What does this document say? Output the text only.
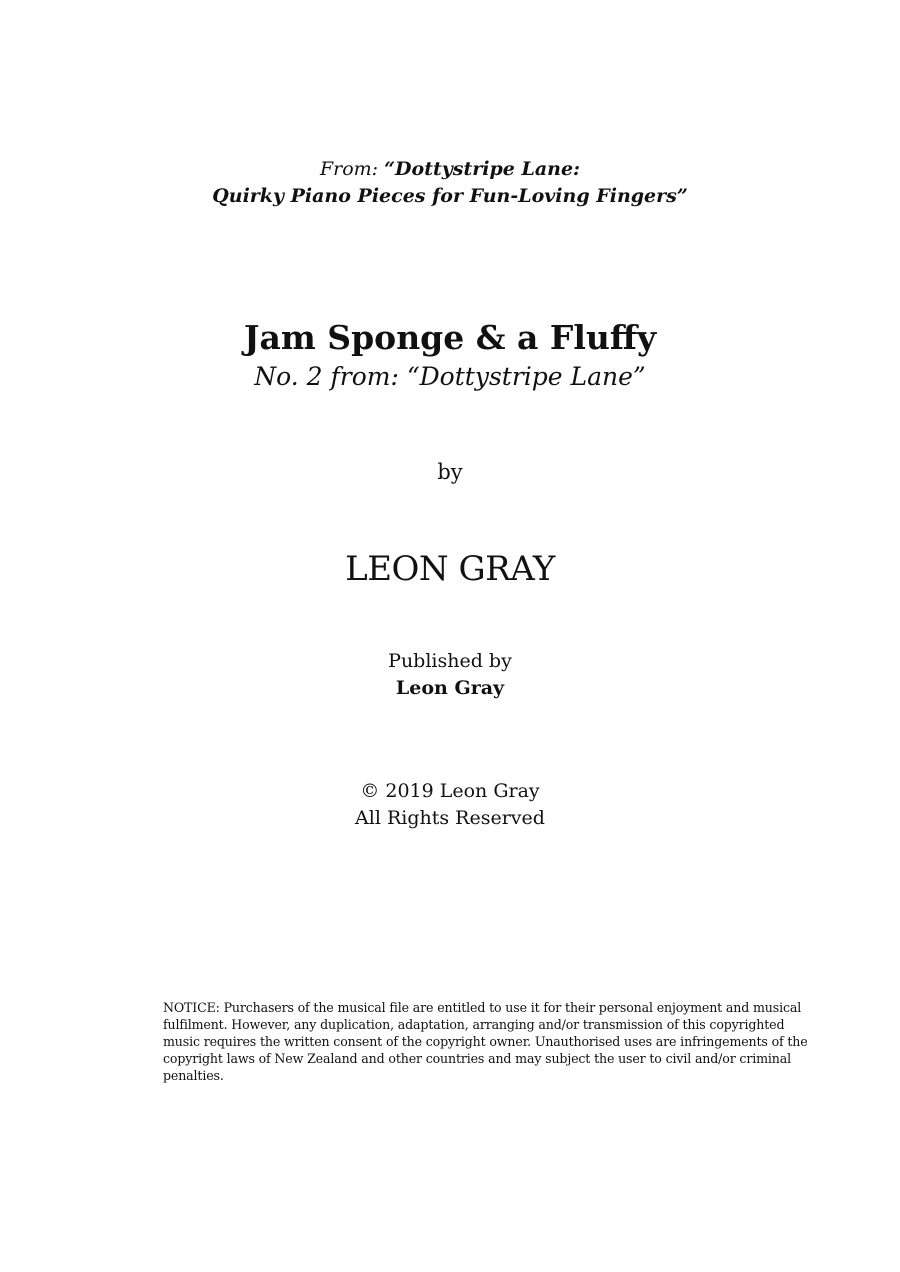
From: “Dottystripe Lane:
Quirky Piano Pieces for Fun-Loving Fingers”
Jam Sponge & a Fluffy
No. 2 from: “Dottystripe Lane”
by
LEON GRAY
Published by
Leon Gray
© 2019 Leon Gray
All Rights Reserved
NOTICE: Purchasers of the musical file are entitled to use it for their personal enjoyment and musical
fulfilment. However, any duplication, adaptation, arranging and/or transmission of this copyrighted
music requires the written consent of the copyright owner. Unauthorised uses are infringements of the
copyright laws of New Zealand and other countries and may subject the user to civil and/or criminal
penalties.
